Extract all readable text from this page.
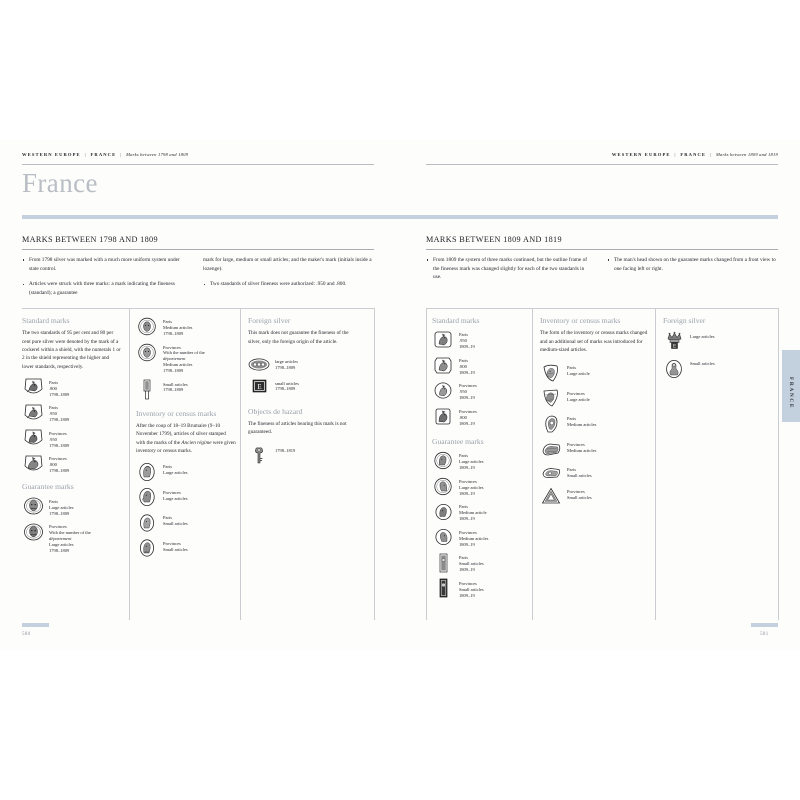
WESTERN EUROPE | FRANCE | Marks between 1798 and 1809	WESTERN EUROPE | FRANCE | Marks between 1809 and 1819
France
FRANCE
MARKS BETWEEN 1798 AND 1809
From 1798 silver was marked with a much more uniform system under state control.
Articles were struck with three marks: a mark indicating the fineness (standard); a guarantee
mark for large, medium or small articles; and the maker's mark (initials inside a lozenge).
Two standards of silver fineness were authorized: .950 and .800.
Standard marks
The two standards of 95 per cent and 80 per cent pure silver were denoted by the mark of a cockerel within a shield, with the numerals 1 or 2 in the shield representing the higher and lower standards, respectively.
Paris
.800
1798–1809
Paris
.950
1798–1809
Provinces
.950
1798–1809
Provinces
.800
1798–1809
Guarantee marks
Paris
Large articles
1798–1809
Provinces
With the number of the
département
Large articles
1798–1809
Paris
Medium articles
1798–1809
Provinces
With the number of the
département
Medium articles
1798–1809
Small articles
1798–1809
Inventory or census marks
After the coup of 18–19 Brumaire (9–10 November 1799), articles of silver stamped with the marks of the Ancien régime were given inventory or census marks.
Paris
Large articles
Provinces
Large articles
Paris
Small articles
Provinces
Small articles
Foreign silver
This mark does not guarantee the fineness of the silver, only the foreign origin of the article.
large articles
1798–1809
E	small articles
1798–1809
Objects de hazard
The fineness of articles bearing this mark is not guaranteed.
1798–1819
MARKS BETWEEN 1809 AND 1819
From 1809 the system of three marks continued, but the outline frame of the fineness mark was changed slightly for each of the two standards in use.
The man's head shown on the guarantee marks changed from a front view to one facing left or right.
Standard marks
Paris
.950
1809–19
Paris
.800
1809–19
Provinces
.950
1809–19
Provinces
.800
1809–19
Guarantee marks
Paris
Large articles
1809–19
Provinces
Large articles
1809–19
Paris
Medium article
1809–19
Provinces
Medium articles
1809–19
Paris
Small articles
1809–19
Provinces
Small articles
1809–19
Inventory or census marks
The form of the inventory or census marks changed and an additional set of marks was introduced for medium-sized articles.
Paris
Large article
Provinces
Large article
Paris
Medium articles
Provinces
Medium articles
Paris
Small articles
Provinces
Small articles
Foreign silver
E
Large articles
Small articles
580	581
